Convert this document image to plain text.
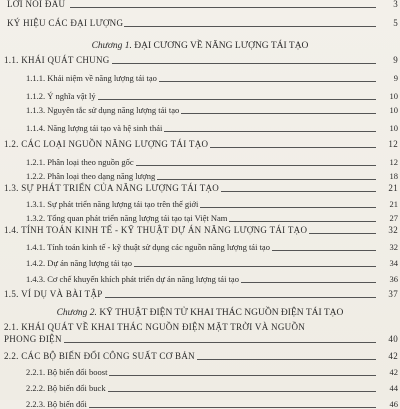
LỜI NÓI ĐẦU	3
KÝ HIỆU CÁC ĐẠI LƯỢNG	5
Chương 1. ĐẠI CƯƠNG VỀ NĂNG LƯỢNG TÁI TẠO
1.1. KHÁI QUÁT CHUNG	9
1.1.1. Khái niệm về năng lượng tái tạo	9
1.1.2. Ý nghĩa vật lý	10
1.1.3. Nguyên tắc sử dụng năng lượng tái tạo	10
1.1.4. Năng lượng tái tạo và hệ sinh thái	10
1.2. CÁC LOẠI NGUỒN NĂNG LƯỢNG TÁI TẠO	12
1.2.1. Phân loại theo nguồn gốc	12
1.2.2. Phân loại theo dạng năng lượng	18
1.3. SỰ PHÁT TRIỂN CỦA NĂNG LƯỢNG TÁI TẠO	21
1.3.1. Sự phát triển năng lượng tái tạo trên thế giới	21
1.3.2. Tổng quan phát triển năng lượng tái tạo tại Việt Nam	27
1.4. TÍNH TOÁN KINH TẾ - KỸ THUẬT DỰ ÁN NĂNG LƯỢNG TÁI TẠO	32
1.4.1. Tính toán kinh tế - kỹ thuật sử dụng các nguồn năng lượng tái tạo	32
1.4.2. Dự án năng lượng tái tạo	34
1.4.3. Cơ chế khuyến khích phát triển dự án năng lượng tái tạo	36
1.5. VÍ DỤ VÀ BÀI TẬP	37
Chương 2. KỸ THUẬT ĐIỆN TỬ KHAI THÁC NGUỒN ĐIỆN TÁI TẠO
2.1. KHÁI QUÁT VỀ KHAI THÁC NGUỒN ĐIỆN MẶT TRỜI VÀ NGUỒN
PHONG ĐIỆN	40
2.2. CÁC BỘ BIẾN ĐỔI CÔNG SUẤT CƠ BẢN	42
2.2.1. Bộ biến đổi boost	42
2.2.2. Bộ biến đổi buck	44
2.2.3. Bộ biến đổi	46
